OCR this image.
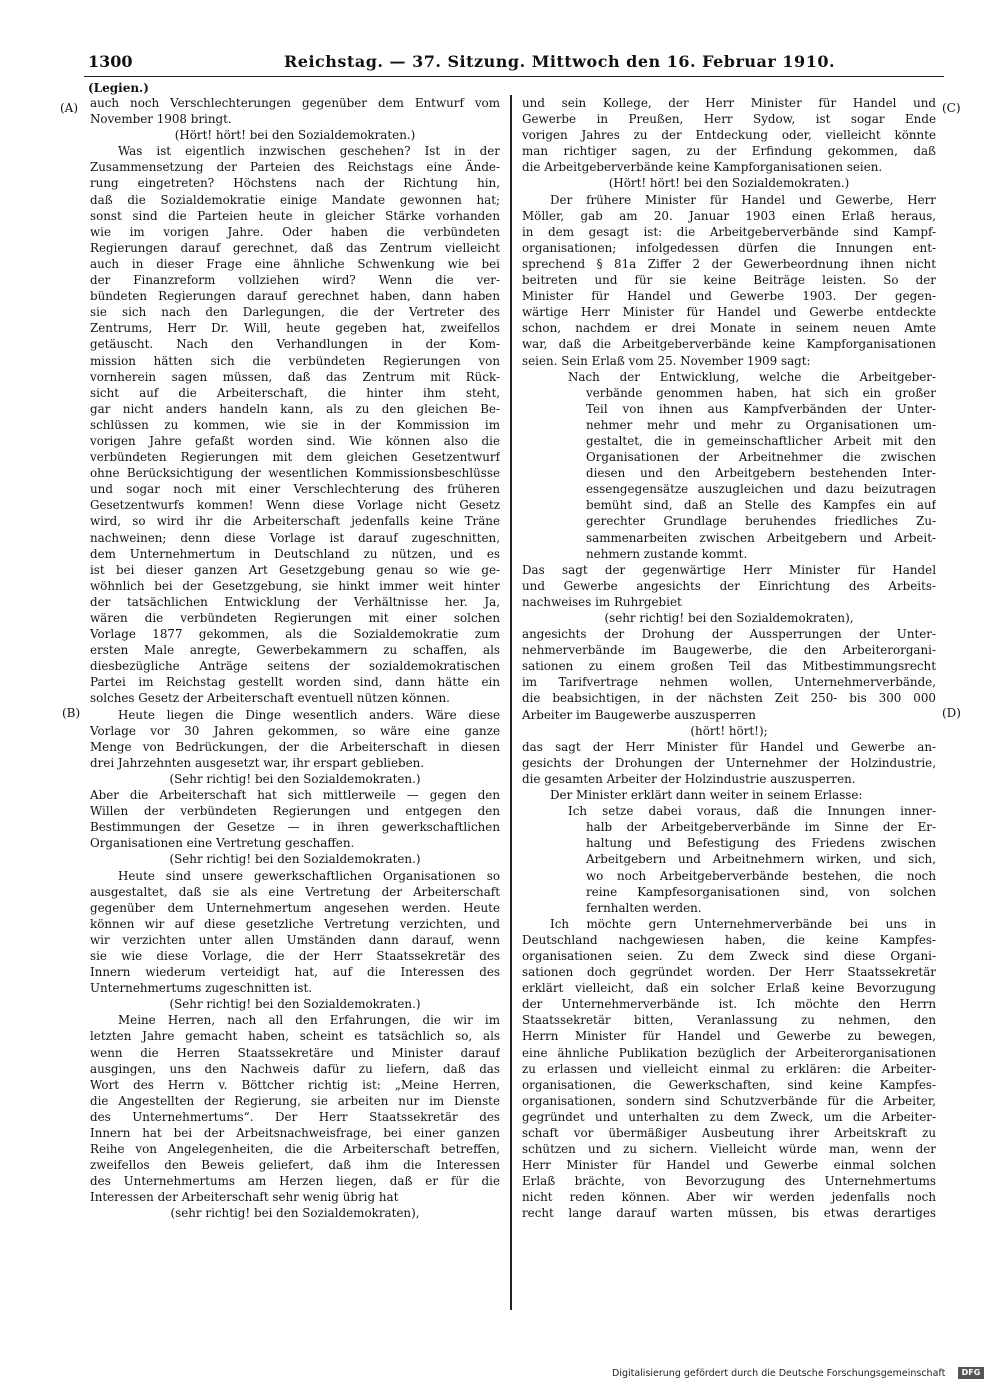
1300	Reichstag. — 37. Sitzung. Mittwoch den 16. Februar 1910.
(Legien.)
(A)
(B)
(C)
(D)
auch noch Verschlechterungen gegenüber dem Entwurf vom
November 1908 bringt.
(Hört! hört! bei den Sozialdemokraten.)
Was ist eigentlich inzwischen geschehen? Ist in der
Zusammensetzung der Parteien des Reichstags eine Ände-
rung eingetreten? Höchstens nach der Richtung hin,
daß die Sozialdemokratie einige Mandate gewonnen hat;
sonst sind die Parteien heute in gleicher Stärke vorhanden
wie im vorigen Jahre. Oder haben die verbündeten
Regierungen darauf gerechnet, daß das Zentrum vielleicht
auch in dieser Frage eine ähnliche Schwenkung wie bei
der Finanzreform vollziehen wird? Wenn die ver-
bündeten Regierungen darauf gerechnet haben, dann haben
sie sich nach den Darlegungen, die der Vertreter des
Zentrums, Herr Dr. Will, heute gegeben hat, zweifellos
getäuscht. Nach den Verhandlungen in der Kom-
mission hätten sich die verbündeten Regierungen von
vornherein sagen müssen, daß das Zentrum mit Rück-
sicht auf die Arbeiterschaft, die hinter ihm steht,
gar nicht anders handeln kann, als zu den gleichen Be-
schlüssen zu kommen, wie sie in der Kommission im
vorigen Jahre gefaßt worden sind. Wie können also die
verbündeten Regierungen mit dem gleichen Gesetzentwurf
ohne Berücksichtigung der wesentlichen Kommissionsbeschlüsse
und sogar noch mit einer Verschlechterung des früheren
Gesetzentwurfs kommen! Wenn diese Vorlage nicht Gesetz
wird, so wird ihr die Arbeiterschaft jedenfalls keine Träne
nachweinen; denn diese Vorlage ist darauf zugeschnitten,
dem Unternehmertum in Deutschland zu nützen, und es
ist bei dieser ganzen Art Gesetzgebung genau so wie ge-
wöhnlich bei der Gesetzgebung, sie hinkt immer weit hinter
der tatsächlichen Entwicklung der Verhältnisse her. Ja,
wären die verbündeten Regierungen mit einer solchen
Vorlage 1877 gekommen, als die Sozialdemokratie zum
ersten Male anregte, Gewerbekammern zu schaffen, als
diesbezügliche Anträge seitens der sozialdemokratischen
Partei im Reichstag gestellt worden sind, dann hätte ein
solches Gesetz der Arbeiterschaft eventuell nützen können.
Heute liegen die Dinge wesentlich anders. Wäre diese
Vorlage vor 30 Jahren gekommen, so wäre eine ganze
Menge von Bedrückungen, der die Arbeiterschaft in diesen
drei Jahrzehnten ausgesetzt war, ihr erspart geblieben.
(Sehr richtig! bei den Sozialdemokraten.)
Aber die Arbeiterschaft hat sich mittlerweile — gegen den
Willen der verbündeten Regierungen und entgegen den
Bestimmungen der Gesetze — in ihren gewerkschaftlichen
Organisationen eine Vertretung geschaffen.
(Sehr richtig! bei den Sozialdemokraten.)
Heute sind unsere gewerkschaftlichen Organisationen so
ausgestaltet, daß sie als eine Vertretung der Arbeiterschaft
gegenüber dem Unternehmertum angesehen werden. Heute
können wir auf diese gesetzliche Vertretung verzichten, und
wir verzichten unter allen Umständen dann darauf, wenn
sie wie diese Vorlage, die der Herr Staatssekretär des
Innern wiederum verteidigt hat, auf die Interessen des
Unternehmertums zugeschnitten ist.
(Sehr richtig! bei den Sozialdemokraten.)
Meine Herren, nach all den Erfahrungen, die wir im
letzten Jahre gemacht haben, scheint es tatsächlich so, als
wenn die Herren Staatssekretäre und Minister darauf
ausgingen, uns den Nachweis dafür zu liefern, daß das
Wort des Herrn v. Böttcher richtig ist: „Meine Herren,
die Angestellten der Regierung, sie arbeiten nur im Dienste
des Unternehmertums“. Der Herr Staatssekretär des
Innern hat bei der Arbeitsnachweisfrage, bei einer ganzen
Reihe von Angelegenheiten, die die Arbeiterschaft betreffen,
zweifellos den Beweis geliefert, daß ihm die Interessen
des Unternehmertums am Herzen liegen, daß er für die
Interessen der Arbeiterschaft sehr wenig übrig hat
(sehr richtig! bei den Sozialdemokraten),
und sein Kollege, der Herr Minister für Handel und
Gewerbe in Preußen, Herr Sydow, ist sogar Ende
vorigen Jahres zu der Entdeckung oder, vielleicht könnte
man richtiger sagen, zu der Erfindung gekommen, daß
die Arbeitgeberverbände keine Kampforganisationen seien.
(Hört! hört! bei den Sozialdemokraten.)
Der frühere Minister für Handel und Gewerbe, Herr
Möller, gab am 20. Januar 1903 einen Erlaß heraus,
in dem gesagt ist: die Arbeitgeberverbände sind Kampf-
organisationen; infolgedessen dürfen die Innungen ent-
sprechend § 81a Ziffer 2 der Gewerbeordnung ihnen nicht
beitreten und für sie keine Beiträge leisten. So der
Minister für Handel und Gewerbe 1903. Der gegen-
wärtige Herr Minister für Handel und Gewerbe entdeckte
schon, nachdem er drei Monate in seinem neuen Amte
war, daß die Arbeitgeberverbände keine Kampforganisationen
seien. Sein Erlaß vom 25. November 1909 sagt:
Nach der Entwicklung, welche die Arbeitgeber-
verbände genommen haben, hat sich ein großer
Teil von ihnen aus Kampfverbänden der Unter-
nehmer mehr und mehr zu Organisationen um-
gestaltet, die in gemeinschaftlicher Arbeit mit den
Organisationen der Arbeitnehmer die zwischen
diesen und den Arbeitgebern bestehenden Inter-
essengegensätze auszugleichen und dazu beizutragen
bemüht sind, daß an Stelle des Kampfes ein auf
gerechter Grundlage beruhendes friedliches Zu-
sammenarbeiten zwischen Arbeitgebern und Arbeit-
nehmern zustande kommt.
Das sagt der gegenwärtige Herr Minister für Handel
und Gewerbe angesichts der Einrichtung des Arbeits-
nachweises im Ruhrgebiet
(sehr richtig! bei den Sozialdemokraten),
angesichts der Drohung der Aussperrungen der Unter-
nehmerverbände im Baugewerbe, die den Arbeiterorgani-
sationen zu einem großen Teil das Mitbestimmungsrecht
im Tarifvertrage nehmen wollen, Unternehmerverbände,
die beabsichtigen, in der nächsten Zeit 250- bis 300 000
Arbeiter im Baugewerbe auszusperren
(hört! hört!);
das sagt der Herr Minister für Handel und Gewerbe an-
gesichts der Drohungen der Unternehmer der Holzindustrie,
die gesamten Arbeiter der Holzindustrie auszusperren.
Der Minister erklärt dann weiter in seinem Erlasse:
Ich setze dabei voraus, daß die Innungen inner-
halb der Arbeitgeberverbände im Sinne der Er-
haltung und Befestigung des Friedens zwischen
Arbeitgebern und Arbeitnehmern wirken, und sich,
wo noch Arbeitgeberverbände bestehen, die noch
reine Kampfesorganisationen sind, von solchen
fernhalten werden.
Ich möchte gern Unternehmerverbände bei uns in
Deutschland nachgewiesen haben, die keine Kampfes-
organisationen seien. Zu dem Zweck sind diese Organi-
sationen doch gegründet worden. Der Herr Staatssekretär
erklärt vielleicht, daß ein solcher Erlaß keine Bevorzugung
der Unternehmerverbände ist. Ich möchte den Herrn
Staatssekretär bitten, Veranlassung zu nehmen, den
Herrn Minister für Handel und Gewerbe zu bewegen,
eine ähnliche Publikation bezüglich der Arbeiterorganisationen
zu erlassen und vielleicht einmal zu erklären: die Arbeiter-
organisationen, die Gewerkschaften, sind keine Kampfes-
organisationen, sondern sind Schutzverbände für die Arbeiter,
gegründet und unterhalten zu dem Zweck, um die Arbeiter-
schaft vor übermäßiger Ausbeutung ihrer Arbeitskraft zu
schützen und zu sichern. Vielleicht würde man, wenn der
Herr Minister für Handel und Gewerbe einmal solchen
Erlaß brächte, von Bevorzugung des Unternehmertums
nicht reden können. Aber wir werden jedenfalls noch
recht lange darauf warten müssen, bis etwas derartiges
Digitalisierung gefördert durch die Deutsche Forschungsgemeinschaft	DFG
